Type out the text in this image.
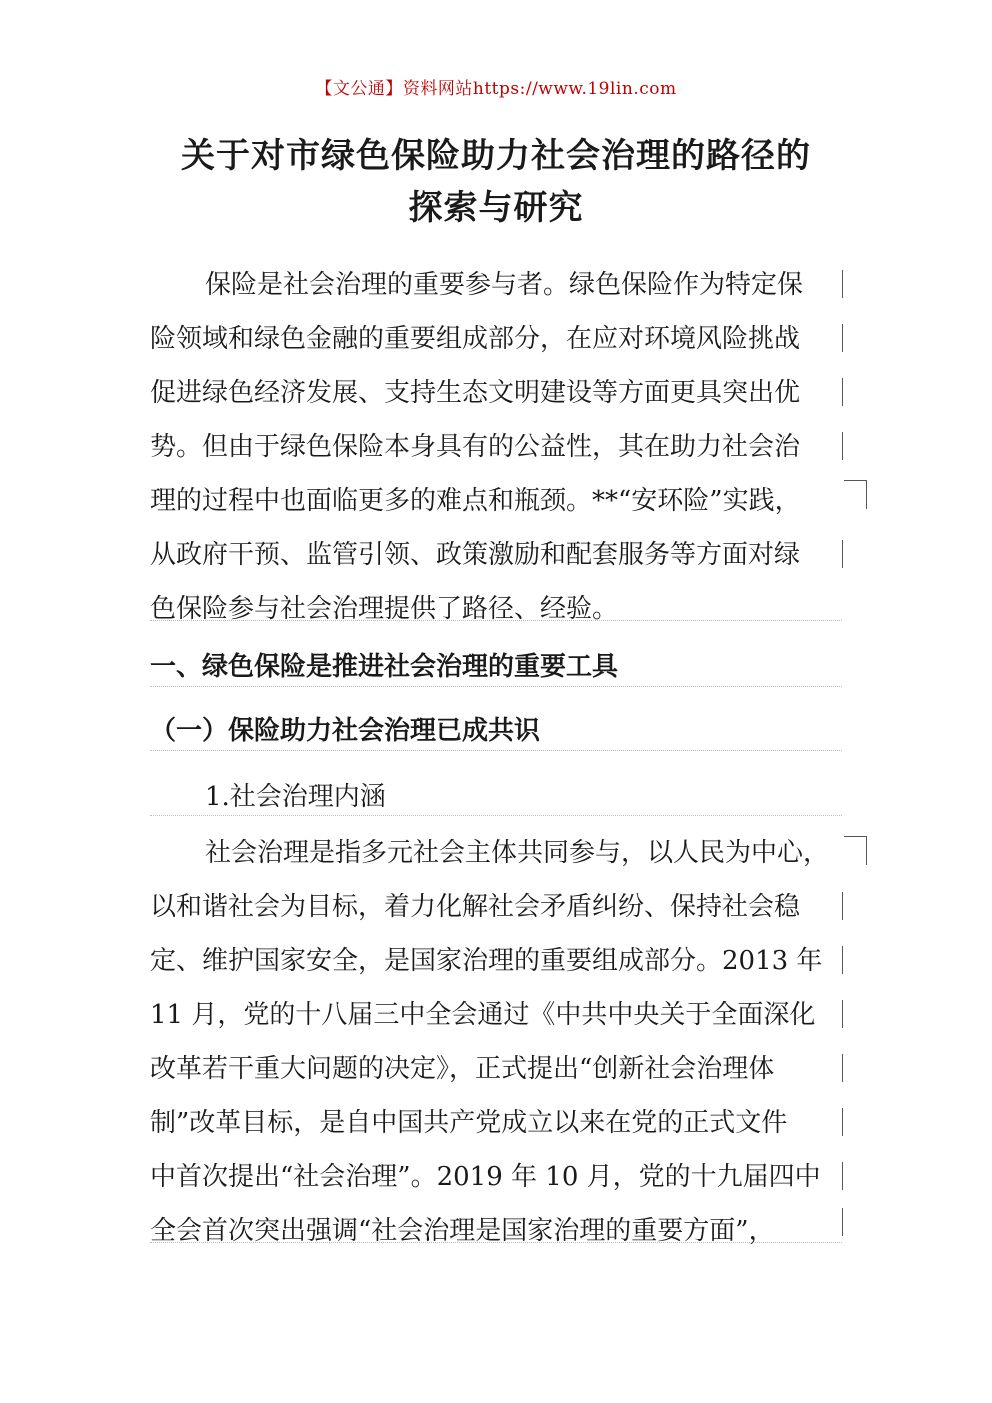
【文公通】资料网站https://www.19lin.com
关于对市绿色保险助力社会治理的路径的
探索与研究
保险是社会治理的重要参与者。绿色保险作为特定保
险领域和绿色金融的重要组成部分，在应对环境风险挑战
促进绿色经济发展、支持生态文明建设等方面更具突出优
势。但由于绿色保险本身具有的公益性，其在助力社会治
理的过程中也面临更多的难点和瓶颈。**“安环险”实践，
从政府干预、监管引领、政策激励和配套服务等方面对绿
色保险参与社会治理提供了路径、经验。
一、绿色保险是推进社会治理的重要工具
（一）保险助力社会治理已成共识
1.社会治理内涵
社会治理是指多元社会主体共同参与，以人民为中心，
以和谐社会为目标，着力化解社会矛盾纠纷、保持社会稳
定、维护国家安全，是国家治理的重要组成部分。2013 年
11 月，党的十八届三中全会通过《中共中央关于全面深化
改革若干重大问题的决定》，正式提出“创新社会治理体
制”改革目标，是自中国共产党成立以来在党的正式文件
中首次提出“社会治理”。2019 年 10 月，党的十九届四中
全会首次突出强调“社会治理是国家治理的重要方面”，
